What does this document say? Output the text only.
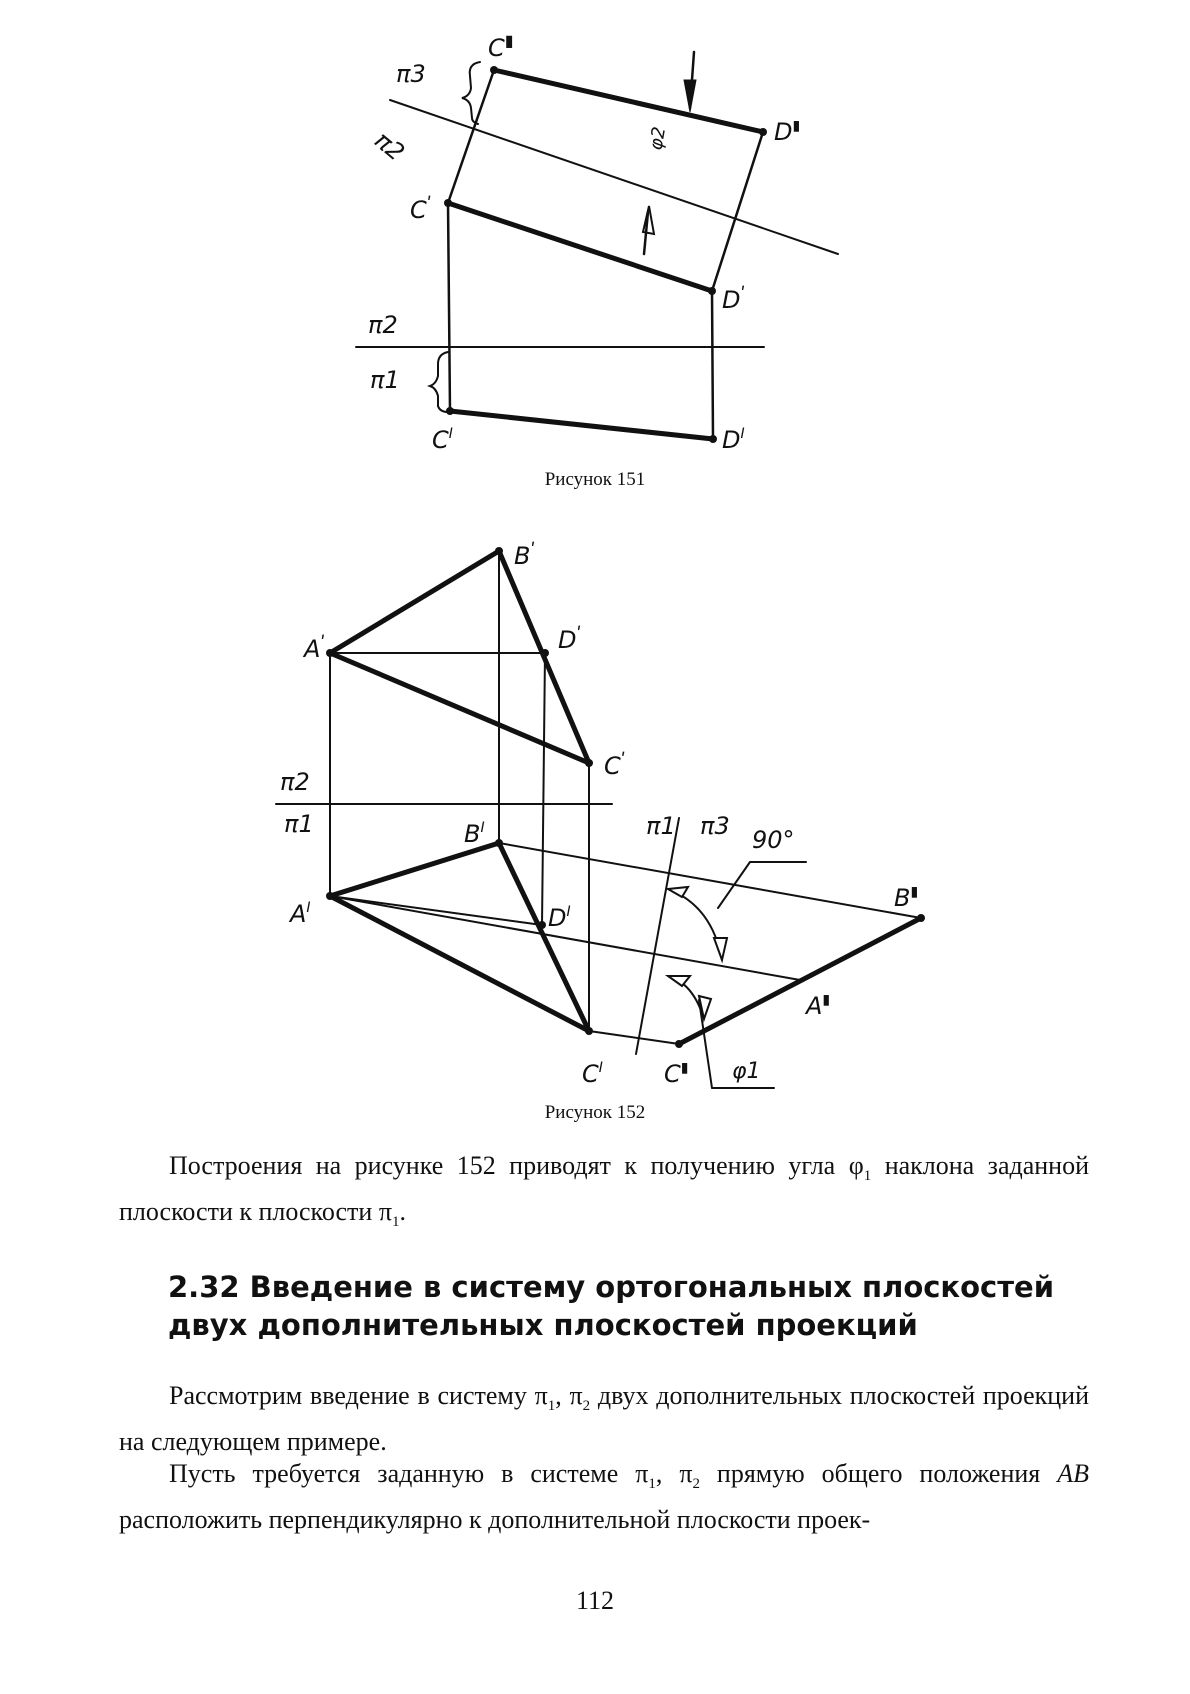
C▮
D▮
$C^ʹ$
$D^ʹ$
$C^I$	$D^I$
π3
π2
π2
π1
φ2
Рисунок 151
$A^ʹ$
$B^ʹ$
$D^ʹ$
$C^ʹ$
$A^I$
$B^I$
$D^I$
$C^I$	C▮
A▮
B▮
π2
π1	π1 π3 90°
φ1
Рисунок 152
Построения на рисунке 152 приводят к получению угла $\varphi_1$ наклона заданной плоскости к плоскости $\pi_1$.
2.32 Введение в систему ортогональных плоскостей двух дополнительных плоскостей проекций
Рассмотрим введение в систему $\pi_1$, $\pi_2$ двух дополнительных плоскостей проекций на следующем примере.
Пусть требуется заданную в системе $\pi_1$, $\pi_2$ прямую общего положения AB расположить перпендикулярно к дополнительной плоскости проек-
112
